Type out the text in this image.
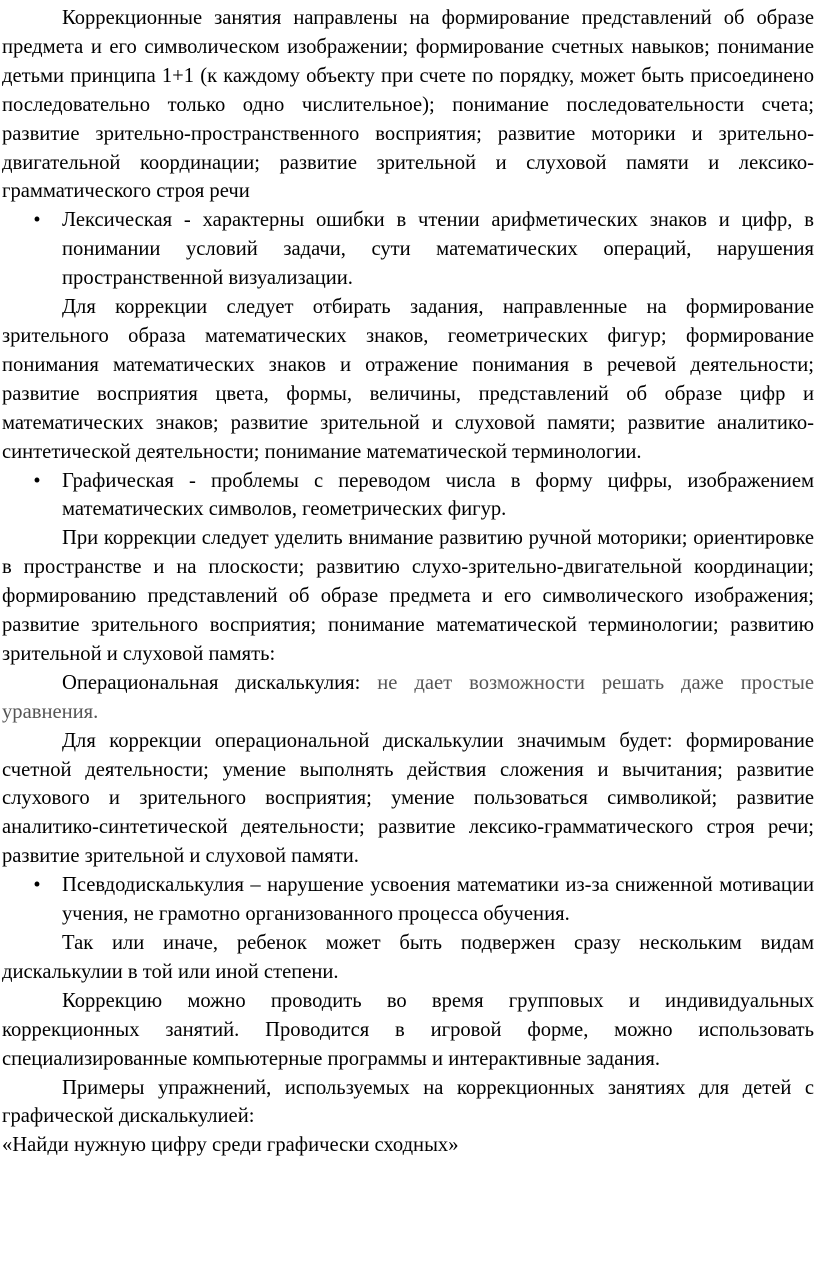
Коррекционные занятия направлены на формирование представлений об образе предмета и его символическом изображении; формирование счетных навыков; понимание детьми принципа 1+1 (к каждому объекту при счете по порядку, может быть присоединено последовательно только одно числительное); понимание последовательности счета; развитие зрительно-пространственного восприятия; развитие моторики и зрительно-двигательной координации; развитие зрительной и слуховой памяти и лексико-грамматического строя речи

• Лексическая - характерны ошибки в чтении арифметических знаков и цифр, в понимании условий задачи, сути математических операций, нарушения пространственной визуализации.

Для коррекции следует отбирать задания, направленные на формирование зрительного образа математических знаков, геометрических фигур; формирование понимания математических знаков и отражение понимания в речевой деятельности; развитие восприятия цвета, формы, величины, представлений об образе цифр и математических знаков; развитие зрительной и слуховой памяти; развитие аналитико-синтетической деятельности; понимание математической терминологии.

• Графическая - проблемы с переводом числа в форму цифры, изображением математических символов, геометрических фигур.

При коррекции следует уделить внимание развитию ручной моторики; ориентировке в пространстве и на плоскости; развитию слухо-зрительно-двигательной координации; формированию представлений об образе предмета и его символического изображения; развитие зрительного восприятия; понимание математической терминологии; развитию зрительной и слуховой память:

Операциональная дискалькулия: не дает возможности решать даже простые уравнения.

Для коррекции операциональной дискалькулии значимым будет: формирование счетной деятельности; умение выполнять действия сложения и вычитания; развитие слухового и зрительного восприятия; умение пользоваться символикой; развитие аналитико-синтетической деятельности; развитие лексико-грамматического строя речи; развитие зрительной и слуховой памяти.

• Псевдодискалькулия – нарушение усвоения математики из-за сниженной мотивации учения, не грамотно организованного процесса обучения.

Так или иначе, ребенок может быть подвержен сразу нескольким видам дискалькулии в той или иной степени.

Коррекцию можно проводить во время групповых и индивидуальных коррекционных занятий. Проводится в игровой форме, можно использовать специализированные компьютерные программы и интерактивные задания.

Примеры упражнений, используемых на коррекционных занятиях для детей с графической дискалькулией:

«Найди нужную цифру среди графически сходных»
